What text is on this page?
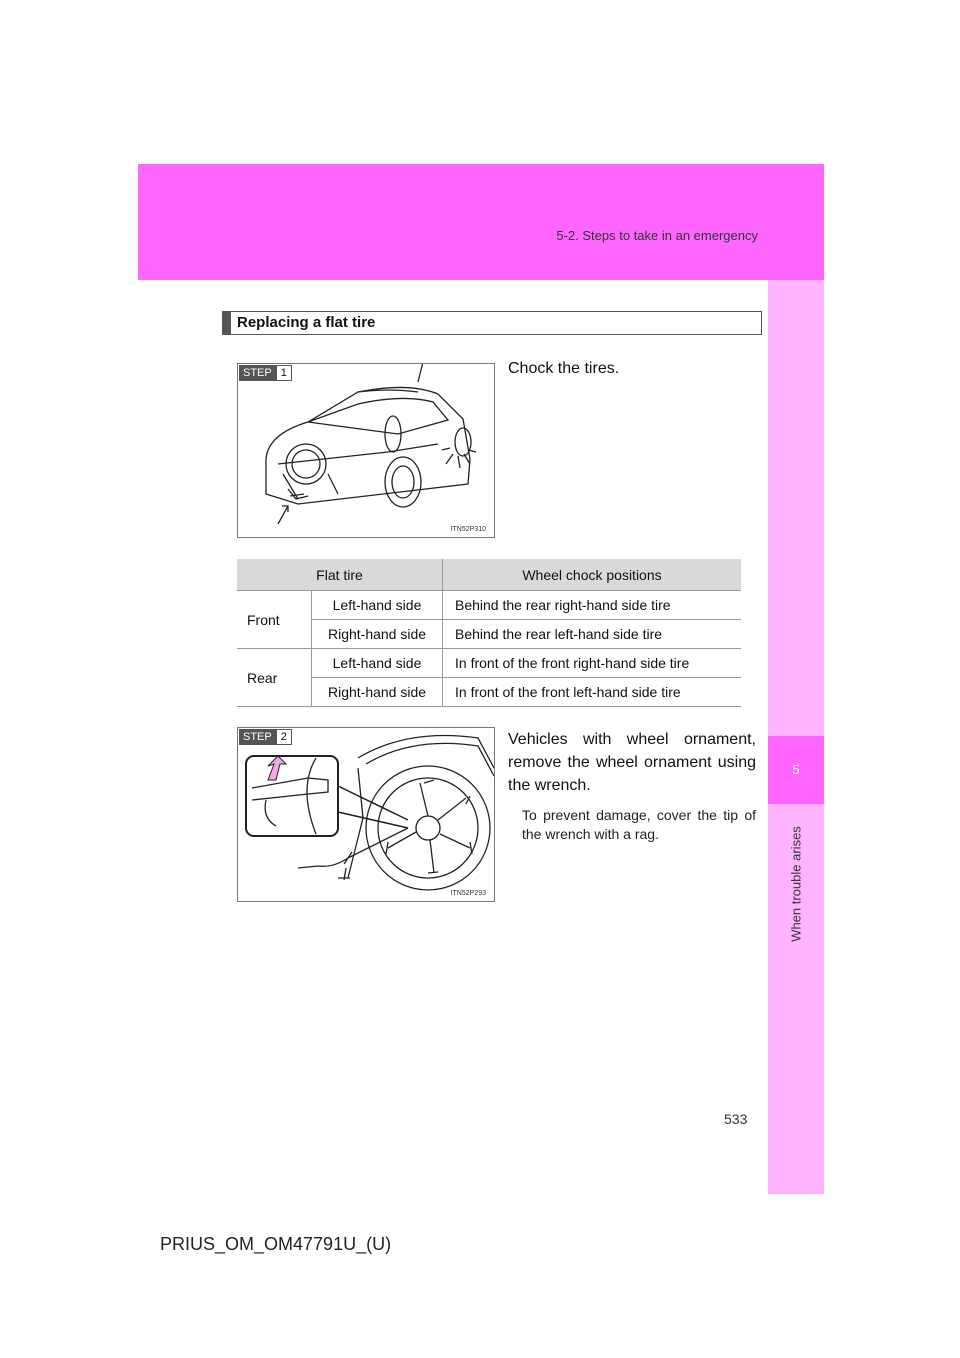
5-2. Steps to take in an emergency
5
When trouble arises
Replacing a flat tire
STEP 1
ITN52P310
Chock the tires.
Flat tire		Wheel chock positions
Front	Left-hand side	Behind the rear right-hand side tire
	Right-hand side	Behind the rear left-hand side tire
Rear	Left-hand side	In front of the front right-hand side tire
	Right-hand side	In front of the front left-hand side tire
STEP 2
ITN52P293
Vehicles with wheel ornament, remove the wheel ornament using the wrench.
To prevent damage, cover the tip of the wrench with a rag.
533
PRIUS_OM_OM47791U_(U)
